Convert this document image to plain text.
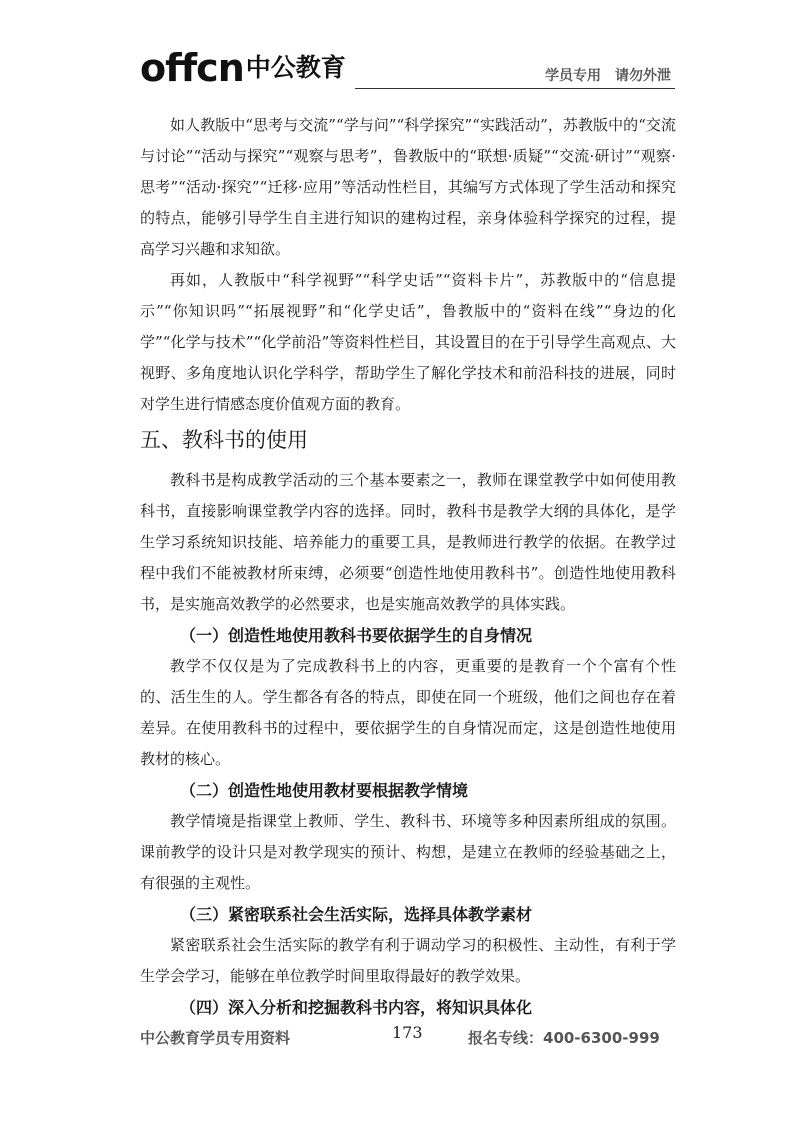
offcn 中公教育	学员专用　请勿外泄

如人教版中“思考与交流”“学与问”“科学探究”“实践活动”，苏教版中的“交流与讨论”“活动与探究”“观察与思考”，鲁教版中的“联想·质疑”“交流·研讨”“观察·思考”“活动·探究”“迁移·应用”等活动性栏目，其编写方式体现了学生活动和探究的特点，能够引导学生自主进行知识的建构过程，亲身体验科学探究的过程，提高学习兴趣和求知欲。

再如，人教版中“科学视野”“科学史话”“资料卡片”，苏教版中的“信息提示”“你知识吗”“拓展视野”和“化学史话”，鲁教版中的“资料在线”“身边的化学”“化学与技术”“化学前沿”等资料性栏目，其设置目的在于引导学生高观点、大视野、多角度地认识化学科学，帮助学生了解化学技术和前沿科技的进展，同时对学生进行情感态度价值观方面的教育。

五、教科书的使用

教科书是构成教学活动的三个基本要素之一，教师在课堂教学中如何使用教科书，直接影响课堂教学内容的选择。同时，教科书是教学大纲的具体化，是学生学习系统知识技能、培养能力的重要工具，是教师进行教学的依据。在教学过程中我们不能被教材所束缚，必须要“创造性地使用教科书”。创造性地使用教科书，是实施高效教学的必然要求，也是实施高效教学的具体实践。

（一）创造性地使用教科书要依据学生的自身情况

教学不仅仅是为了完成教科书上的内容，更重要的是教育一个个富有个性的、活生生的人。学生都各有各的特点，即使在同一个班级，他们之间也存在着差异。在使用教科书的过程中，要依据学生的自身情况而定，这是创造性地使用教材的核心。

（二）创造性地使用教材要根据教学情境

教学情境是指课堂上教师、学生、教科书、环境等多种因素所组成的氛围。课前教学的设计只是对教学现实的预计、构想，是建立在教师的经验基础之上，有很强的主观性。

（三）紧密联系社会生活实际，选择具体教学素材

紧密联系社会生活实际的教学有利于调动学习的积极性、主动性，有利于学生学会学习，能够在单位教学时间里取得最好的教学效果。

（四）深入分析和挖掘教科书内容，将知识具体化
中公教育学员专用资料	173	报名专线：400-6300-999
